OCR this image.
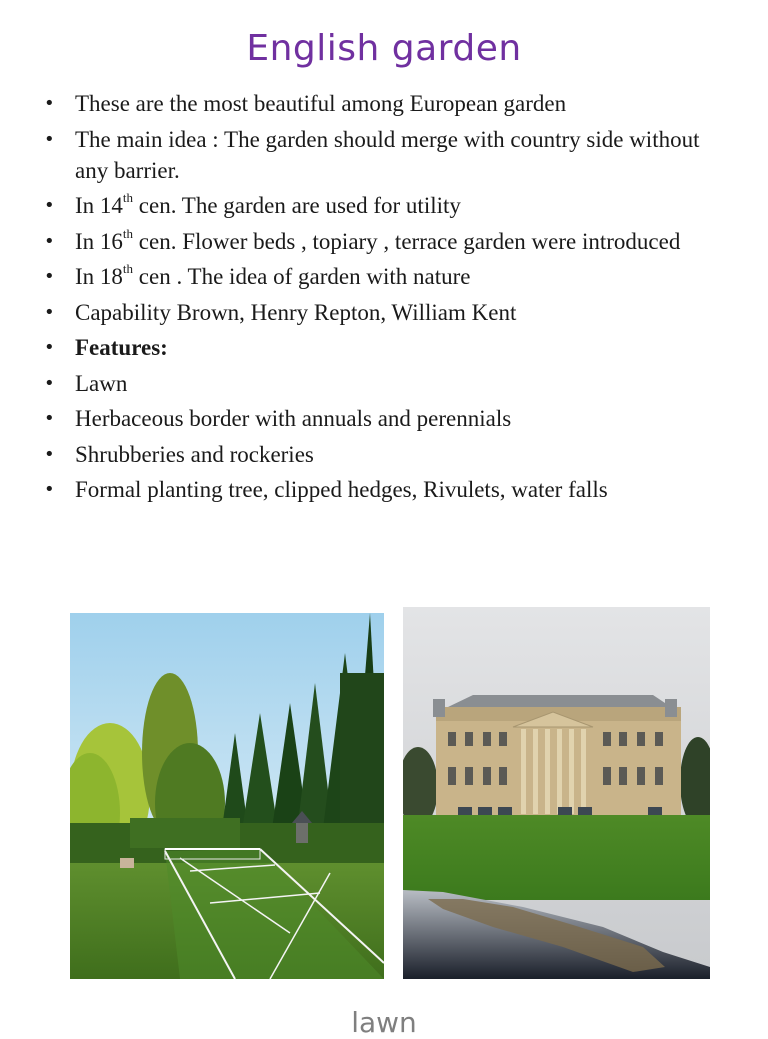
English garden
• These are the most beautiful among European garden
• The main idea : The garden should merge with country side without any barrier.
• In 14th cen. The garden are used for utility
• In 16th cen. Flower beds , topiary , terrace garden were introduced
• In 18th cen . The idea of garden with nature
• Capability Brown, Henry Repton, William Kent
• Features:
• Lawn
• Herbaceous border with annuals and perennials
• Shrubberies and rockeries
• Formal planting tree, clipped hedges, Rivulets, water falls
lawn
